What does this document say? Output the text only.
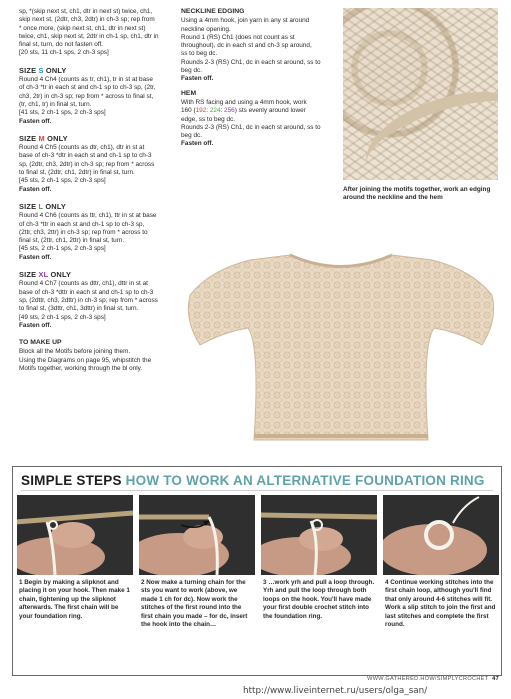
sp, *(skip next st, ch1, dtr in next st) twice, ch1,
skip next st, (2dtr, ch3, 2dtr) in ch-3 sp; rep from
* once more, (skip next st, ch1, dtr in next st)
twice, ch1, skip next st, 2dtr in ch-1 sp, ch1, dtr in
final st, turn, do not fasten off.
[20 sts, 11 ch-1 sps, 2 ch-3 sps]
SIZE S ONLY
Round 4 Ch4 (counts as tr, ch1), tr in st at base
of ch-3 *tr in each st and ch-1 sp to ch-3 sp, (2tr,
ch3, 2tr) in ch-3 sp; rep from * across to final st,
(tr, ch1, tr) in final st, turn.
[41 sts, 2 ch-1 sps, 2 ch-3 sps]
Fasten off.
SIZE M ONLY
Round 4 Ch5 (counts as dtr, ch1), dtr in st at
base of ch-3 *dtr in each st and ch-1 sp to ch-3
sp, (2dtr, ch3, 2dtr) in ch-3 sp; rep from * across
to final st, (2dtr, ch1, 2dtr) in final st, turn.
[45 sts, 2 ch-1 sps, 2 ch-3 sps]
Fasten off.
SIZE L ONLY
Round 4 Ch6 (counts as ttr, ch1), ttr in st at base
of ch-3 *ttr in each st and ch-1 sp to ch-3 sp,
(2ttr, ch3, 2ttr) in ch-3 sp; rep from * across to
final st, (2ttr, ch1, 2ttr) in final st, turn.
[45 sts, 2 ch-1 sps, 2 ch-3 sps]
Fasten off.
SIZE XL ONLY
Round 4 Ch7 (counts as dttr, ch1), dttr in st at
base of ch-3 *dttr in each st and ch-1 sp to ch-3
sp, (2dttr, ch3, 2dttr) in ch-3 sp; rep from * across
to final st, (3dttr, ch1, 3dttr) in final st, turn.
[49 sts, 2 ch-1 sps, 2 ch-3 sps]
Fasten off.
TO MAKE UP
Block all the Motifs before joining them.
Using the Diagrams on page 95, whipstitch the
Motifs together, working through the bl only.
NECKLINE EDGING
Using a 4mm hook, join yarn in any st around
neckline opening.
Round 1 (RS) Ch1 (does not count as st
throughout), dc in each st and ch-3 sp around,
ss to beg dc.
Rounds 2-3 (RS) Ch1, dc in each st around, ss to
beg dc.
Fasten off.
HEM
With RS facing and using a 4mm hook, work
160 (192: 224: 256) sts evenly around lower
edge, ss to beg dc.
Rounds 2-3 (RS) Ch1, dc in each st around, ss to
beg dc.
Fasten off.
After joining the motifs together, work an edging around the neckline and the hem
SIMPLE STEPS HOW TO WORK AN ALTERNATIVE FOUNDATION RING
1 Begin by making a slipknot and placing it on your hook. Then make 1 chain, tightening up the slipknot afterwards. The first chain will be your foundation ring.
2 Now make a turning chain for the sts you want to work (above, we made 1 ch for dc). Now work the stitches of the first round into the first chain you made – for dc, insert the hook into the chain…
3 …work yrh and pull a loop through. Yrh and pull the loop through both loops on the hook. You'll have made your first double crochet stitch into the foundation ring.
4 Continue working stitches into the first chain loop, although you'll find that only around 4-6 stitches will fit. Work a slip stitch to join the first and last stitches and complete the first round.
WWW.GATHERED.HOW/SIMPLYCROCHET 47
http://www.liveinternet.ru/users/olga_san/
